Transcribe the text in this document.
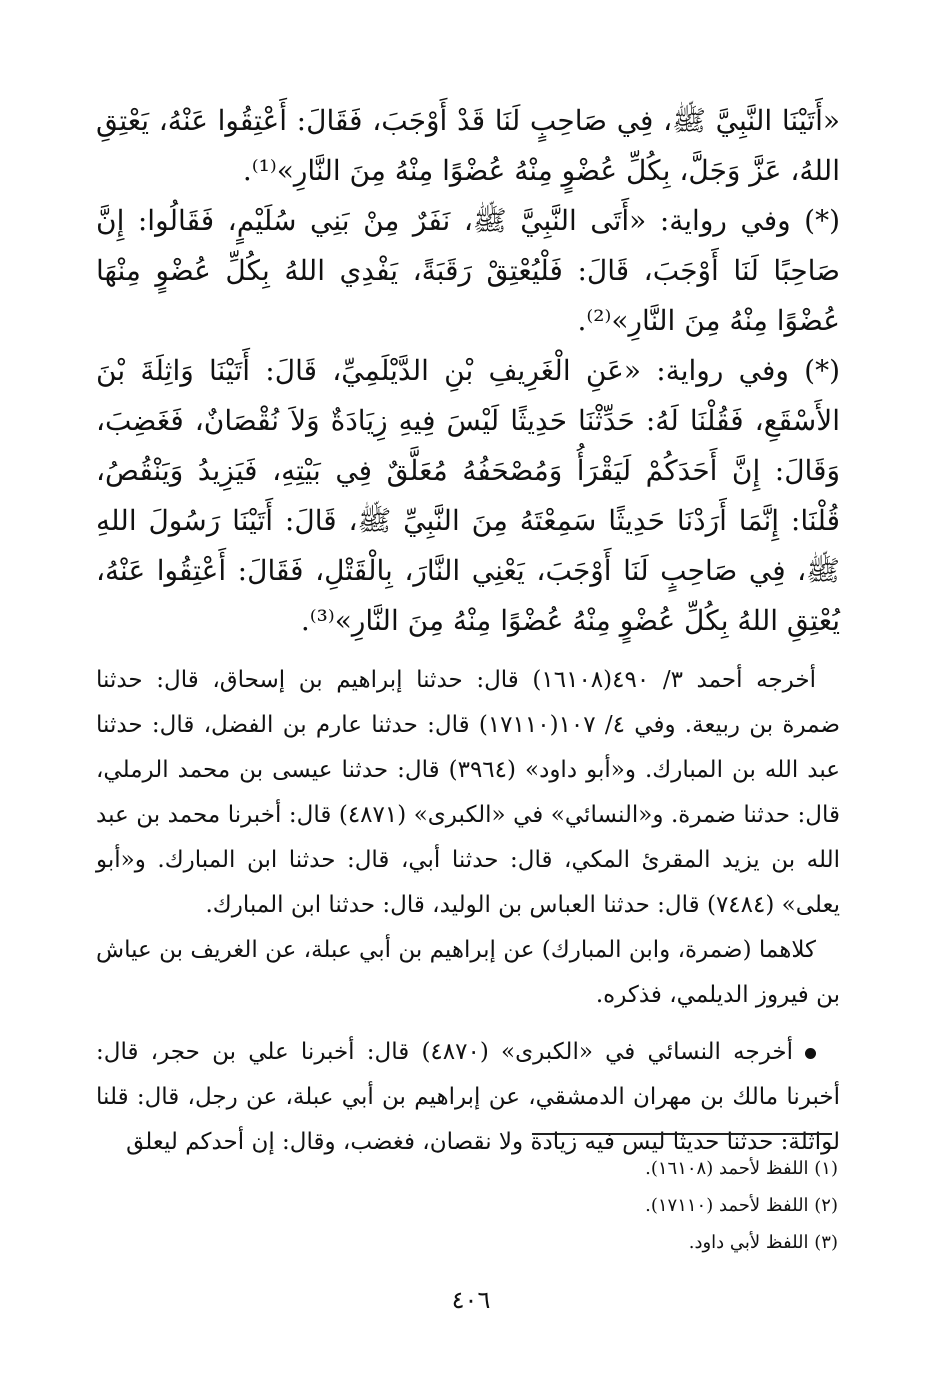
«أَتَيْنَا النَّبِيَّ ﷺ، فِي صَاحِبٍ لَنَا قَدْ أَوْجَبَ، فَقَالَ: أَعْتِقُوا عَنْهُ، يَعْتِقِ اللهُ، عَزَّ وَجَلَّ، بِكُلِّ عُضْوٍ مِنْهُ عُضْوًا مِنْهُ مِنَ النَّارِ»⁽¹⁾.

(*) وفي رواية: «أَتَى النَّبِيَّ ﷺ، نَفَرٌ مِنْ بَنِي سُلَيْمٍ، فَقَالُوا: إِنَّ صَاحِبًا لَنَا أَوْجَبَ، قَالَ: فَلْيُعْتِقْ رَقَبَةً، يَفْدِي اللهُ بِكُلِّ عُضْوٍ مِنْهَا عُضْوًا مِنْهُ مِنَ النَّارِ»⁽²⁾.

(*) وفي رواية: «عَنِ الْغَرِيفِ بْنِ الدَّيْلَمِيِّ، قَالَ: أَتَيْنَا وَاثِلَةَ بْنَ الأَسْقَعِ، فَقُلْنَا لَهُ: حَدِّثْنَا حَدِيثًا لَيْسَ فِيهِ زِيَادَةٌ وَلاَ نُقْصَانٌ، فَغَضِبَ، وَقَالَ: إِنَّ أَحَدَكُمْ لَيَقْرَأُ وَمُصْحَفُهُ مُعَلَّقٌ فِي بَيْتِهِ، فَيَزِيدُ وَيَنْقُصُ، قُلْنَا: إِنَّمَا أَرَدْنَا حَدِيثًا سَمِعْتَهُ مِنَ النَّبِيِّ ﷺ، قَالَ: أَتَيْنَا رَسُولَ اللهِ ﷺ، فِي صَاحِبٍ لَنَا أَوْجَبَ، يَعْنِي النَّارَ، بِالْقَتْلِ، فَقَالَ: أَعْتِقُوا عَنْهُ، يُعْتِقِ اللهُ بِكُلِّ عُضْوٍ مِنْهُ عُضْوًا مِنْهُ مِنَ النَّارِ»⁽³⁾.

أخرجه أحمد ٣/ ٤٩٠(١٦١٠٨) قال: حدثنا إبراهيم بن إسحاق، قال: حدثنا ضمرة بن ربيعة. وفي ٤/ ١٠٧(١٧١١٠) قال: حدثنا عارم بن الفضل، قال: حدثنا عبد الله بن المبارك. و«أبو داود» (٣٩٦٤) قال: حدثنا عيسى بن محمد الرملي، قال: حدثنا ضمرة. و«النسائي» في «الكبرى» (٤٨٧١) قال: أخبرنا محمد بن عبد الله بن يزيد المقرئ المكي، قال: حدثنا أبي، قال: حدثنا ابن المبارك. و«أبو يعلى» (٧٤٨٤) قال: حدثنا العباس بن الوليد، قال: حدثنا ابن المبارك.

كلاهما (ضمرة، وابن المبارك) عن إبراهيم بن أبي عبلة، عن الغريف بن عياش بن فيروز الديلمي، فذكره.

أخرجه النسائي في «الكبرى» (٤٨٧٠) قال: أخبرنا علي بن حجر، قال: أخبرنا مالك بن مهران الدمشقي، عن إبراهيم بن أبي عبلة، عن رجل، قال: قلنا لواثلة: حدثنا حديثا ليس فيه زيادة ولا نقصان، فغضب، وقال: إن أحدكم ليعلق

(١) اللفظ لأحمد (١٦١٠٨).

(٢) اللفظ لأحمد (١٧١١٠).

(٣) اللفظ لأبي داود.

٤٠٦
